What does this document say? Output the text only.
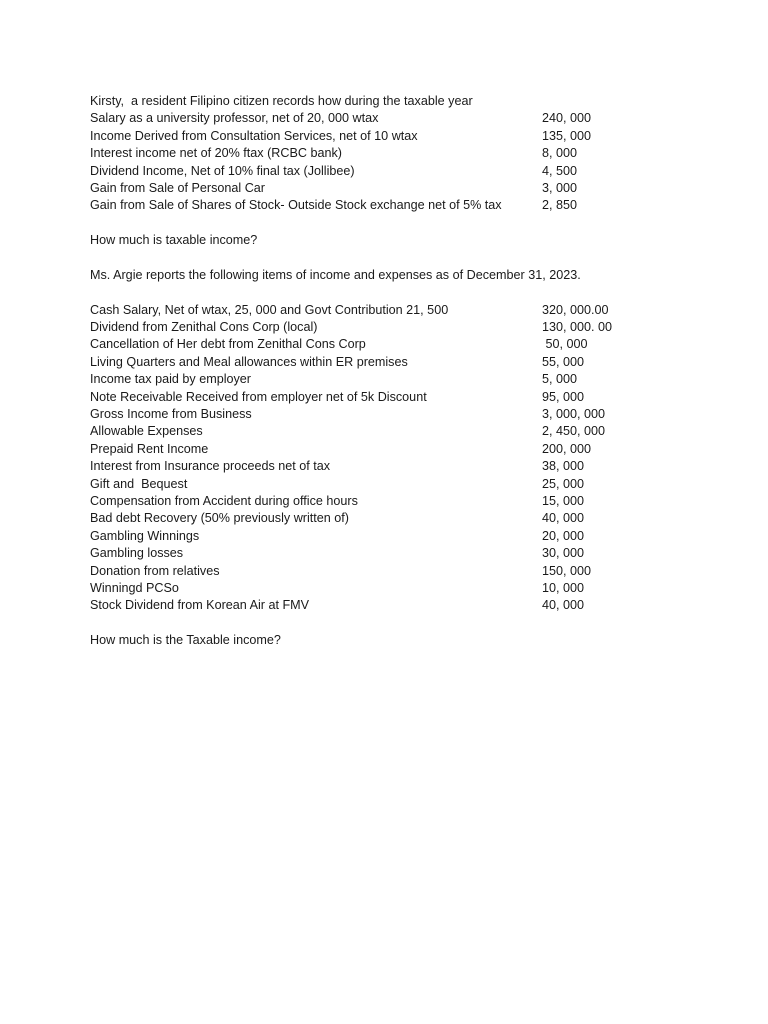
Kirsty,  a resident Filipino citizen records how during the taxable year

Salary as a university professor, net of 20, 000 wtax	240, 000
Income Derived from Consultation Services, net of 10 wtax	135, 000
Interest income net of 20% ftax (RCBC bank)	8, 000
Dividend Income, Net of 10% final tax (Jollibee)	4, 500
Gain from Sale of Personal Car	3, 000
Gain from Sale of Shares of Stock- Outside Stock exchange net of 5% tax	2, 850

How much is taxable income?

Ms. Argie reports the following items of income and expenses as of December 31, 2023.

Cash Salary, Net of wtax, 25, 000 and Govt Contribution 21, 500	320, 000.00
Dividend from Zenithal Cons Corp (local)	130, 000. 00
Cancellation of Her debt from Zenithal Cons Corp	50, 000
Living Quarters and Meal allowances within ER premises	55, 000
Income tax paid by employer	5, 000
Note Receivable Received from employer net of 5k Discount	95, 000
Gross Income from Business	3, 000, 000
Allowable Expenses	2, 450, 000
Prepaid Rent Income	200, 000
Interest from Insurance proceeds net of tax	38, 000
Gift and  Bequest	25, 000
Compensation from Accident during office hours	15, 000
Bad debt Recovery (50% previously written of)	40, 000
Gambling Winnings	20, 000
Gambling losses	30, 000
Donation from relatives	150, 000
Winningd PCSo	10, 000
Stock Dividend from Korean Air at FMV	40, 000

How much is the Taxable income?
